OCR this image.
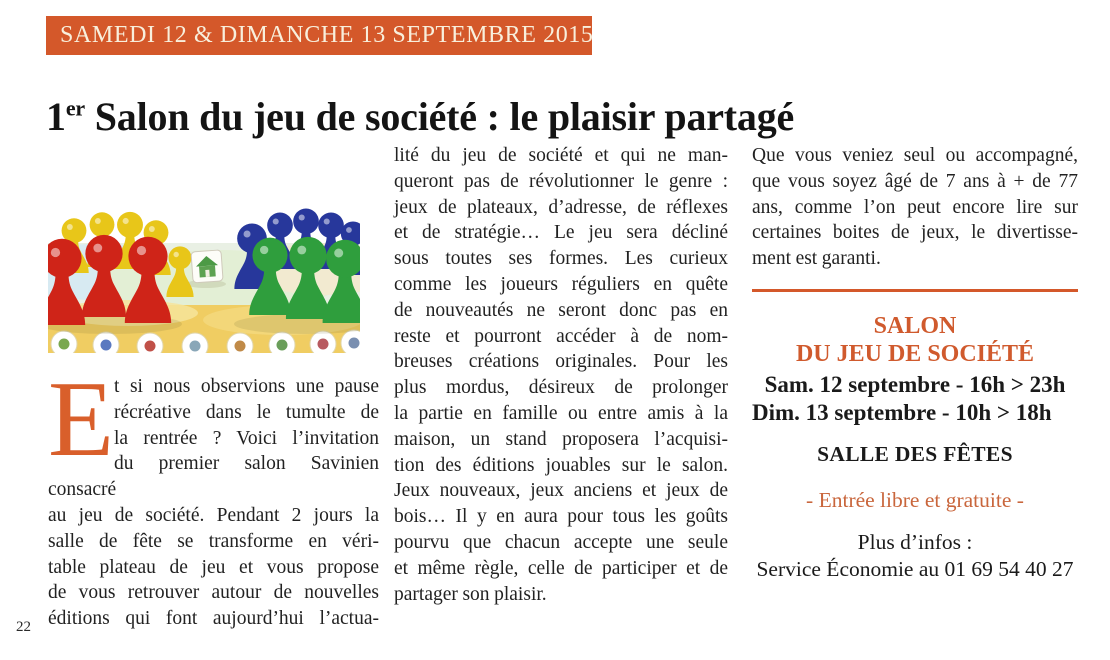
SAMEDI 12 & DIMANCHE 13 SEPTEMBRE 2015
1er Salon du jeu de société : le plaisir partagé
E t si nous observions une pause
récréative dans le tumulte de
la rentrée ? Voici l’invitation
du premier salon Savinien consacré
au jeu de société. Pendant 2 jours la
salle de fête se transforme en véri-
table plateau de jeu et vous propose
de vous retrouver autour de nouvelles
éditions qui font aujourd’hui l’actua-
lité du jeu de société et qui ne man-
queront pas de révolutionner le genre :
jeux de plateaux, d’adresse, de réflexes
et de stratégie… Le jeu sera décliné
sous toutes ses formes. Les curieux
comme les joueurs réguliers en quête
de nouveautés ne seront donc pas en
reste et pourront accéder à de nom-
breuses créations originales. Pour les
plus mordus, désireux de prolonger
la partie en famille ou entre amis à la
maison, un stand proposera l’acquisi-
tion des éditions jouables sur le salon.
Jeux nouveaux, jeux anciens et jeux de
bois… Il y en aura pour tous les goûts
pourvu que chacun accepte une seule
et même règle, celle de participer et de
partager son plaisir.
Que vous veniez seul ou accompagné,
que vous soyez âgé de 7 ans à + de 77
ans, comme l’on peut encore lire sur
certaines boites de jeux, le divertisse-
ment est garanti.
SALON
DU JEU DE SOCIÉTÉ
Sam. 12 septembre - 16h > 23h
Dim. 13 septembre - 10h > 18h
SALLE DES FÊTES
- Entrée libre et gratuite -
Plus d’infos :
Service Économie au 01 69 54 40 27
22
